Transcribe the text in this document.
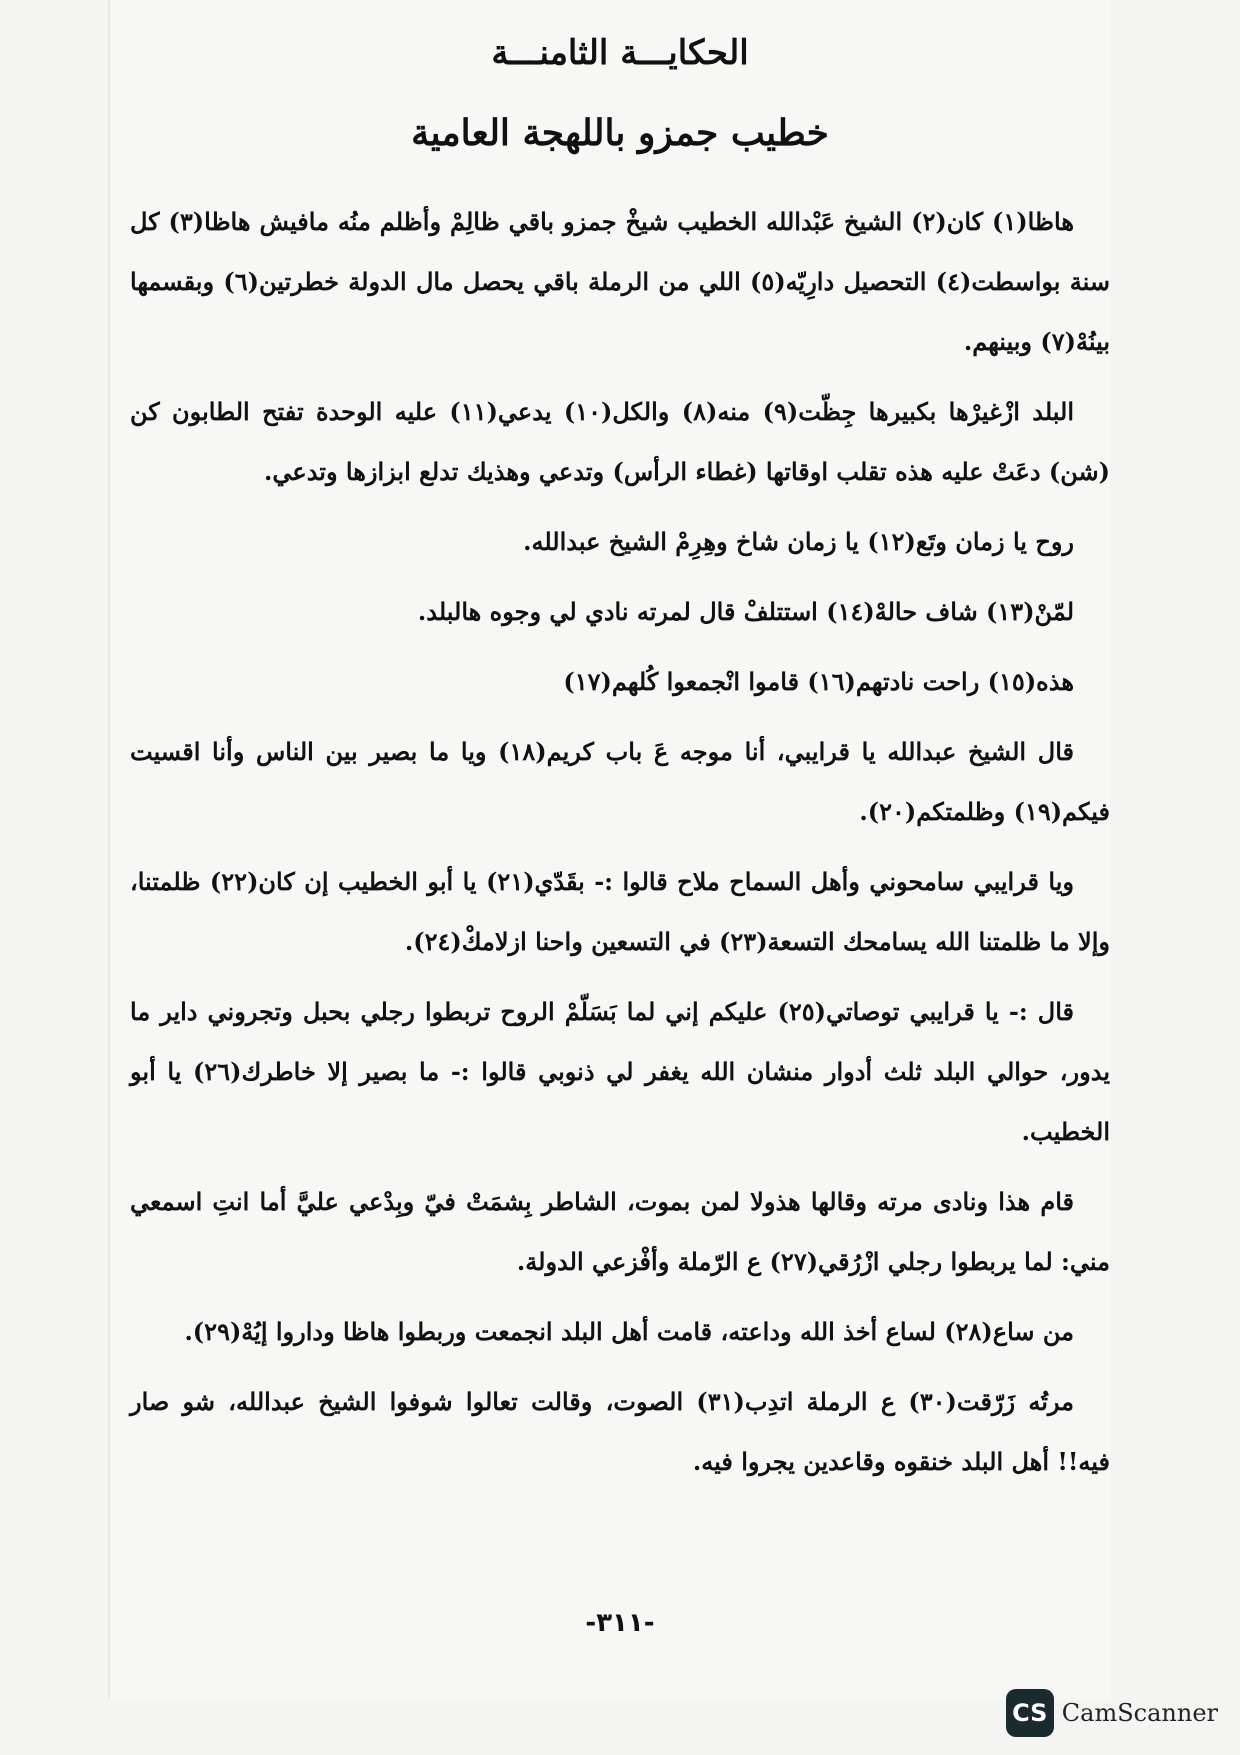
الحكايـــة الثامنـــة
خطيب جمزو باللهجة العامية

هاظا(١) كان(٢) الشيخ عَبْدالله الخطيب شيخْ جمزو باقي ظالِمْ وأظلم منُه مافيش هاظا(٣) كل سنة بواسطت(٤) التحصيل دارِيّه(٥) اللي من الرملة باقي يحصل مال الدولة خطرتين(٦) وبقسمها بينُهْ(٧) وبينهم.

البلد ازْغيرْها بكبيرها جِظّت(٩) منه(٨) والكل(١٠) يدعي(١١) عليه الوحدة تفتح الطابون كن (شن) دعَتْ عليه هذه تقلب اوقاتها (غطاء الرأس) وتدعي وهذيك تدلع ابزازها وتدعي.

روح يا زمان وتَع(١٢) يا زمان شاخ وهِرِمْ الشيخ عبدالله.

لمّنْ(١٣) شاف حالهْ(١٤) استتلفْ قال لمرته نادي لي وجوه هالبلد.

هذه(١٥) راحت نادتهم(١٦) قاموا انْجمعوا كُلهم(١٧)

قال الشيخ عبدالله يا قرايبي، أنا موجه عَ باب كريم(١٨) ويا ما بصير بين الناس وأنا اقسيت فيكم(١٩) وظلمتكم(٢٠).

ويا قرايبي سامحوني وأهل السماح ملاح قالوا :- بقَدّي(٢١) يا أبو الخطيب إن كان(٢٢) ظلمتنا، وإلا ما ظلمتنا الله يسامحك التسعة(٢٣) في التسعين واحنا ازلامكْ(٢٤).

قال :- يا قرايبي توصاتي(٢٥) عليكم إني لما بَسَلّمْ الروح تربطوا رجلي بحبل وتجروني داير ما يدور، حوالي البلد ثلث أدوار منشان الله يغفر لي ذنوبي قالوا :- ما بصير إلا خاطرك(٢٦) يا أبو الخطيب.

قام هذا ونادى مرته وقالها هذولا لمن بموت، الشاطر بِشمَتْ فيّ وبِدْعي عليَّ أما انتِ اسمعي مني: لما يربطوا رجلي ازْرُقي(٢٧) ع الرّملة وأفْزعي الدولة.

من ساع(٢٨) لساع أخذ الله وداعته، قامت أهل البلد انجمعت وربطوا هاظا وداروا إيُهْ(٢٩).

مرتُه زَرّقت(٣٠) ع الرملة اتدِب(٣١) الصوت، وقالت تعالوا شوفوا الشيخ عبدالله، شو صار فيه!! أهل البلد خنقوه وقاعدين يجروا فيه.

-٣١١-
CS CamScanner
